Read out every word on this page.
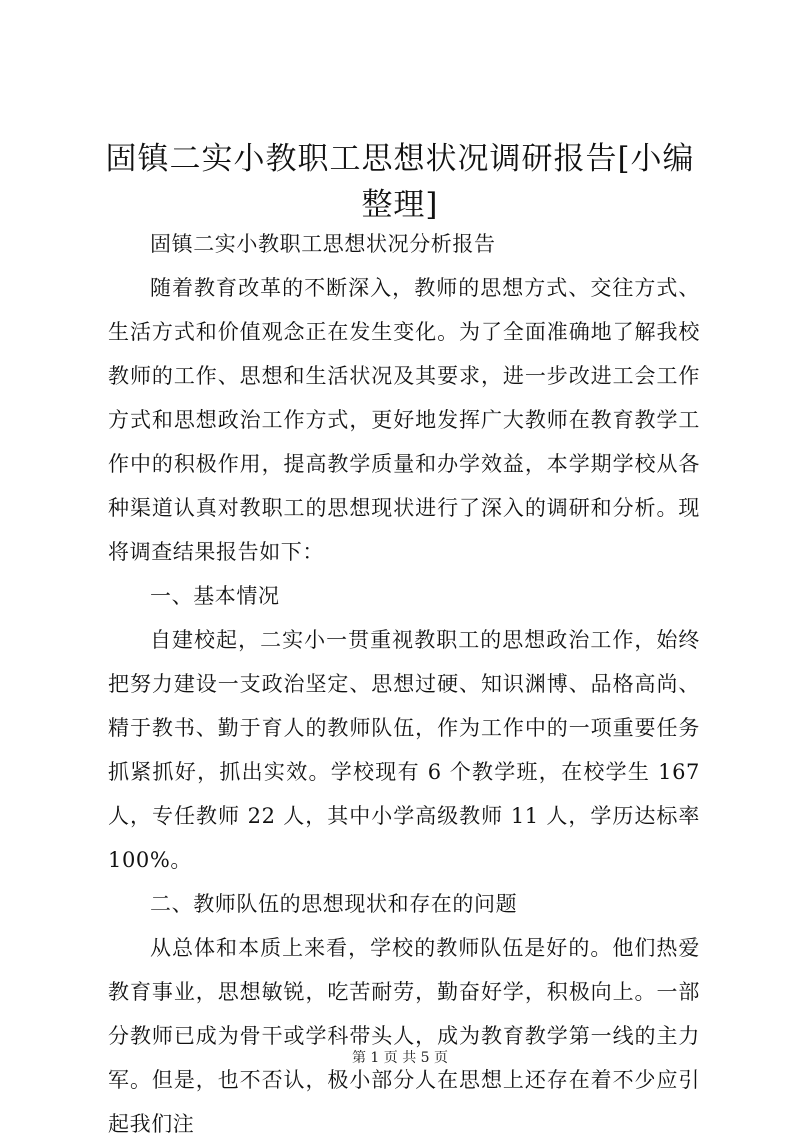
固镇二实小教职工思想状况调研报告[小编整理]

固镇二实小教职工思想状况分析报告

随着教育改革的不断深入，教师的思想方式、交往方式、生活方式和价值观念正在发生变化。为了全面准确地了解我校教师的工作、思想和生活状况及其要求，进一步改进工会工作方式和思想政治工作方式，更好地发挥广大教师在教育教学工作中的积极作用，提高教学质量和办学效益，本学期学校从各种渠道认真对教职工的思想现状进行了深入的调研和分析。现将调查结果报告如下：

一、基本情况

自建校起，二实小一贯重视教职工的思想政治工作，始终把努力建设一支政治坚定、思想过硬、知识渊博、品格高尚、精于教书、勤于育人的教师队伍，作为工作中的一项重要任务抓紧抓好，抓出实效。学校现有 6 个教学班，在校学生 167 人，专任教师 22 人，其中小学高级教师 11 人，学历达标率 100%。

二、教师队伍的思想现状和存在的问题

从总体和本质上来看，学校的教师队伍是好的。他们热爱教育事业，思想敏锐，吃苦耐劳，勤奋好学，积极向上。一部分教师已成为骨干或学科带头人，成为教育教学第一线的主力军。但是，也不否认，极小部分人在思想上还存在着不少应引起我们注

第 1 页 共 5 页
